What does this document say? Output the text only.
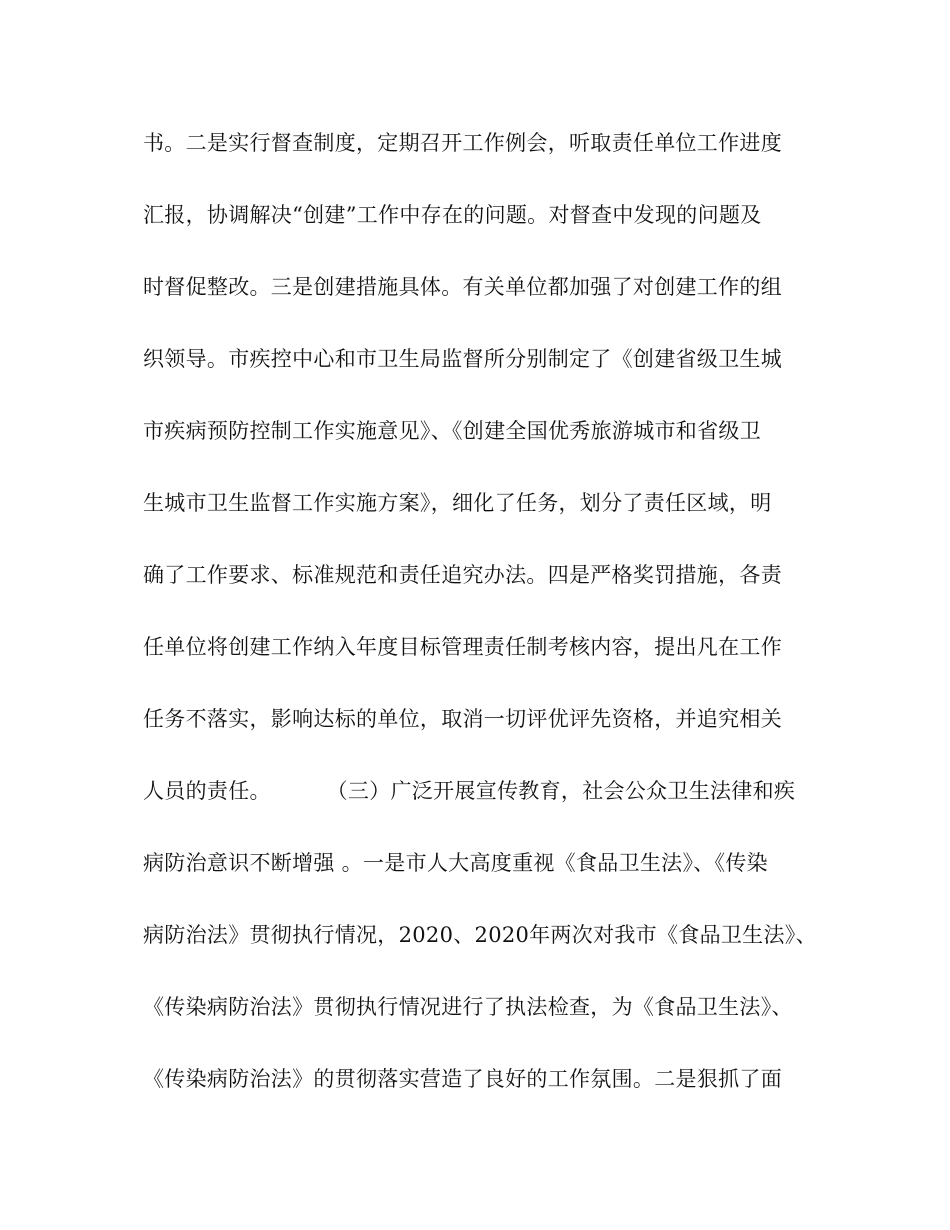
书。二是实行督查制度，定期召开工作例会，听取责任单位工作进度
汇报，协调解决“创建”工作中存在的问题。对督查中发现的问题及
时督促整改。三是创建措施具体。有关单位都加强了对创建工作的组
织领导。市疾控中心和市卫生局监督所分别制定了《创建省级卫生城
市疾病预防控制工作实施意见》、《创建全国优秀旅游城市和省级卫
生城市卫生监督工作实施方案》，细化了任务，划分了责任区域，明
确了工作要求、标准规范和责任追究办法。四是严格奖罚措施，各责
任单位将创建工作纳入年度目标管理责任制考核内容，提出凡在工作
任务不落实，影响达标的单位，取消一切评优评先资格，并追究相关
人员的责任。        （三）广泛开展宣传教育，社会公众卫生法律和疾
病防治意识不断增强 。一是市人大高度重视《食品卫生法》、《传染
病防治法》贯彻执行情况，2020、2020年两次对我市《食品卫生法》、
《传染病防治法》贯彻执行情况进行了执法检查，为《食品卫生法》、
《传染病防治法》的贯彻落实营造了良好的工作氛围。二是狠抓了面
